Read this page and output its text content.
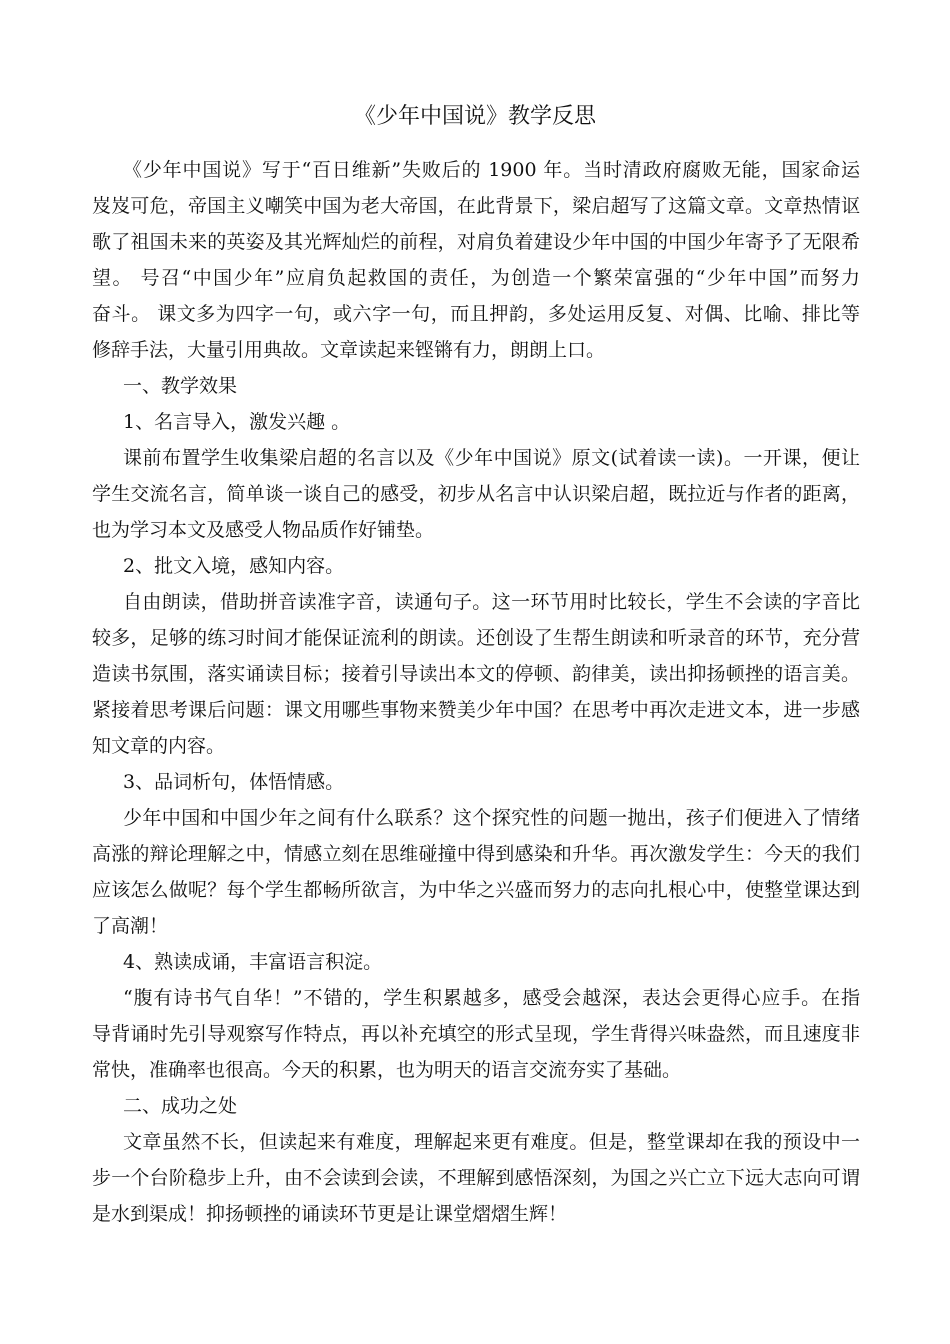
《少年中国说》教学反思
《少年中国说》写于“百日维新”失败后的 1900 年。当时清政府腐败无能，国家命运
岌岌可危，帝国主义嘲笑中国为老大帝国，在此背景下，梁启超写了这篇文章。文章热情讴
歌了祖国未来的英姿及其光辉灿烂的前程，对肩负着建设少年中国的中国少年寄予了无限希
望。 号召“中国少年”应肩负起救国的责任，为创造一个繁荣富强的“少年中国”而努力
奋斗。 课文多为四字一句，或六字一句，而且押韵，多处运用反复、对偶、比喻、排比等
修辞手法，大量引用典故。文章读起来铿锵有力，朗朗上口。
一、教学效果
1、名言导入，激发兴趣 。
课前布置学生收集梁启超的名言以及《少年中国说》原文(试着读一读)。一开课，便让
学生交流名言，简单谈一谈自己的感受，初步从名言中认识梁启超，既拉近与作者的距离，
也为学习本文及感受人物品质作好铺垫。
2、批文入境，感知内容。
自由朗读，借助拼音读准字音，读通句子。这一环节用时比较长，学生不会读的字音比
较多，足够的练习时间才能保证流利的朗读。还创设了生帮生朗读和听录音的环节，充分营
造读书氛围，落实诵读目标；接着引导读出本文的停顿、韵律美，读出抑扬顿挫的语言美。
紧接着思考课后问题：课文用哪些事物来赞美少年中国？在思考中再次走进文本，进一步感
知文章的内容。
3、品词析句，体悟情感。
少年中国和中国少年之间有什么联系？这个探究性的问题一抛出，孩子们便进入了情绪
高涨的辩论理解之中，情感立刻在思维碰撞中得到感染和升华。再次激发学生：今天的我们
应该怎么做呢？每个学生都畅所欲言，为中华之兴盛而努力的志向扎根心中，使整堂课达到
了高潮！
4、熟读成诵，丰富语言积淀。
“腹有诗书气自华！”不错的，学生积累越多，感受会越深，表达会更得心应手。在指
导背诵时先引导观察写作特点，再以补充填空的形式呈现，学生背得兴味盎然，而且速度非
常快，准确率也很高。今天的积累，也为明天的语言交流夯实了基础。
二、成功之处
文章虽然不长，但读起来有难度，理解起来更有难度。但是，整堂课却在我的预设中一
步一个台阶稳步上升，由不会读到会读，不理解到感悟深刻，为国之兴亡立下远大志向可谓
是水到渠成！抑扬顿挫的诵读环节更是让课堂熠熠生辉！
